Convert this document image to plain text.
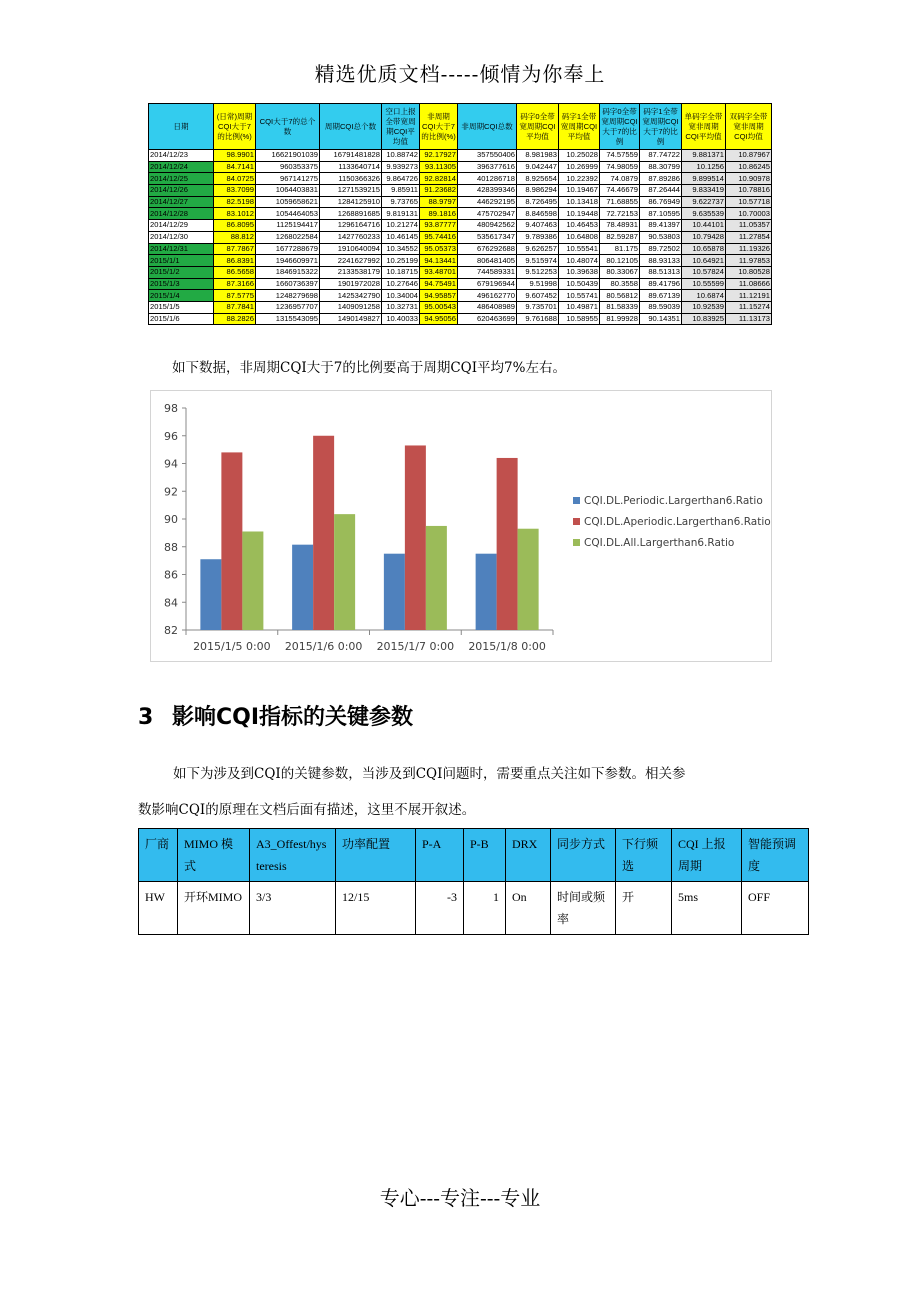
精选优质文档-----倾情为你奉上
日期	(日常)周期CQI大于7的比例(%)	CQI大于7的总个数	周期CQI总个数	空口上报全带宽周期CQI平均值	非周期CQI大于7的比例(%)	非周期CQI总数	码字0全带宽周期CQI平均值	码字1全带宽周期CQI平均值	码字0全带宽周期CQI大于7的比例	码字1全带宽周期CQI大于7的比例	单码字全带宽非周期CQI平均值	双码字全带宽非周期CQI均值
2014/12/23	98.9901	16621901039	16791481828	10.88742	92.17927	357550406	8.981983	10.25028	74.57559	87.74722	9.881371	10.87967
2014/12/24	84.7141	960353375	1133640714	9.939273	93.11305	396377616	9.042447	10.26999	74.98059	88.30799	10.1256	10.86245
2014/12/25	84.0725	967141275	1150366326	9.864726	92.82814	401286718	8.925654	10.22392	74.0879	87.89286	9.899514	10.90978
2014/12/26	83.7099	1064403831	1271539215	9.85911	91.23682	428399346	8.986294	10.19467	74.46679	87.26444	9.833419	10.78816
2014/12/27	82.5198	1059658621	1284125910	9.73765	88.9797	446292195	8.726495	10.13418	71.68855	86.76949	9.622737	10.57718
2014/12/28	83.1012	1054464053	1268891685	9.819131	89.1816	475702947	8.846598	10.19448	72.72153	87.10595	9.635539	10.70003
2014/12/29	86.8095	1125194417	1296164716	10.21274	93.87777	480942562	9.407463	10.46453	78.48931	89.41397	10.44101	11.05357
2014/12/30	88.812	1268022584	1427760233	10.46145	95.74416	535617347	9.789386	10.64808	82.59287	90.53803	10.79428	11.27854
2014/12/31	87.7867	1677288679	1910640094	10.34552	95.05373	676292688	9.626257	10.55541	81.175	89.72502	10.65878	11.19326
2015/1/1	86.8391	1946609971	2241627992	10.25199	94.13441	806481405	9.515974	10.48074	80.12105	88.93133	10.64921	11.97853
2015/1/2	86.5658	1846915322	2133538179	10.18715	93.48701	744589331	9.512253	10.39638	80.33067	88.51313	10.57824	10.80528
2015/1/3	87.3166	1660736397	1901972028	10.27646	94.75491	679196944	9.51998	10.50439	80.3558	89.41796	10.55599	11.08666
2015/1/4	87.5775	1248279698	1425342790	10.34004	94.95857	496162770	9.607452	10.55741	80.56812	89.67139	10.6874	11.12191
2015/1/5	87.7841	1236957707	1409091258	10.32731	95.00543	486408989	9.735701	10.49871	81.58339	89.59039	10.92539	11.15274
2015/1/6	88.2826	1315543095	1490149827	10.40033	94.95056	620463699	9.761688	10.58955	81.99928	90.14351	10.83925	11.13173
如下数据，非周期CQI大于7的比例要高于周期CQI平均7%左右。
98
96
94
92
90
88
86
84
82
2015/1/5 0:00 2015/1/6 0:00 2015/1/7 0:00 2015/1/8 0:00
CQI.DL.Periodic.Largerthan6.Ratio
CQI.DL.Aperiodic.Largerthan6.Ratio
CQI.DL.All.Largerthan6.Ratio
3 影响CQI指标的关键参数
如下为涉及到CQI的关键参数，当涉及到CQI问题时，需要重点关注如下参数。相关参
数影响CQI的原理在文档后面有描述，这里不展开叙述。
厂商	MIMO 模式	A3_Offest/hysteresis	功率配置	P-A	P-B	DRX	同步方式	下行频选	CQI 上报周期	智能预调度
HW	开环MIMO	3/3	12/15	-3	1	On	时间或频率	开	5ms	OFF
专心---专注---专业
